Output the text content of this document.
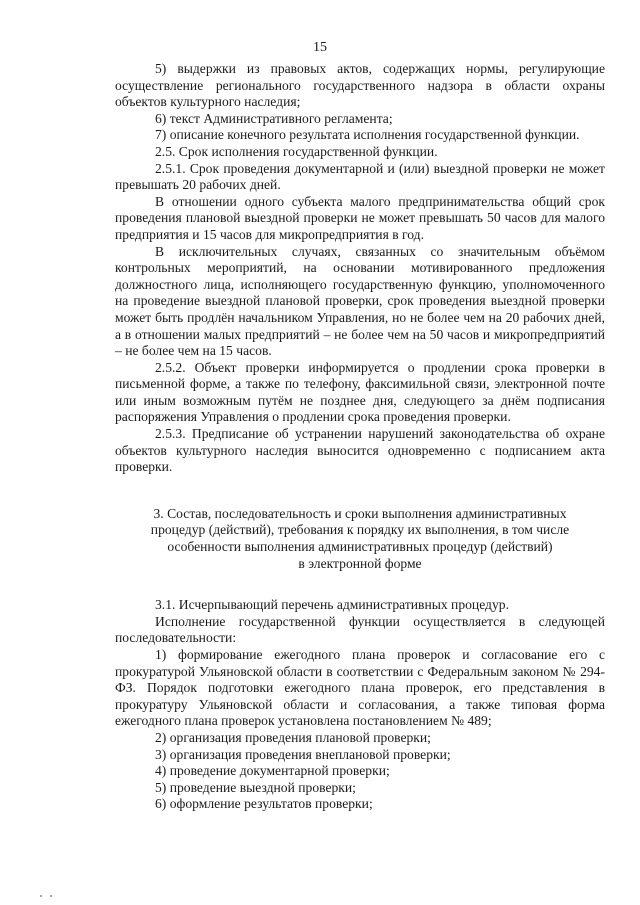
15

5) выдержки из правовых актов, содержащих нормы, регулирующие осуществление регионального государственного надзора в области охраны объектов культурного наследия;

6) текст Административного регламента;

7) описание конечного результата исполнения государственной функции.

2.5. Срок исполнения государственной функции.

2.5.1. Срок проведения документарной и (или) выездной проверки не может превышать 20 рабочих дней.

В отношении одного субъекта малого предпринимательства общий срок проведения плановой выездной проверки не может превышать 50 часов для малого предприятия и 15 часов для микропредприятия в год.

В исключительных случаях, связанных со значительным объёмом контрольных мероприятий, на основании мотивированного предложения должностного лица, исполняющего государственную функцию, уполномоченного на проведение выездной плановой проверки, срок проведения выездной проверки может быть продлён начальником Управления, но не более чем на 20 рабочих дней, а в отношении малых предприятий – не более чем на 50 часов и микропредприятий – не более чем на 15 часов.

2.5.2. Объект проверки информируется о продлении срока проверки в письменной форме, а также по телефону, факсимильной связи, электронной почте или иным возможным путём не позднее дня, следующего за днём подписания распоряжения Управления о продлении срока проведения проверки.

2.5.3. Предписание об устранении нарушений законодательства об охране объектов культурного наследия выносится одновременно с подписанием акта проверки.

3. Состав, последовательность и сроки выполнения административных
процедур (действий), требования к порядку их выполнения, в том числе
особенности выполнения административных процедур (действий)
в электронной форме

3.1. Исчерпывающий перечень административных процедур.

Исполнение государственной функции осуществляется в следующей последовательности:

1) формирование ежегодного плана проверок и согласование его с прокуратурой Ульяновской области в соответствии с Федеральным законом № 294-ФЗ. Порядок подготовки ежегодного плана проверок, его представления в прокуратуру Ульяновской области и согласования, а также типовая форма ежегодного плана проверок установлена постановлением № 489;

2) организация проведения плановой проверки;

3) организация проведения внеплановой проверки;

4) проведение документарной проверки;

5) проведение выездной проверки;

6) оформление результатов проверки;
